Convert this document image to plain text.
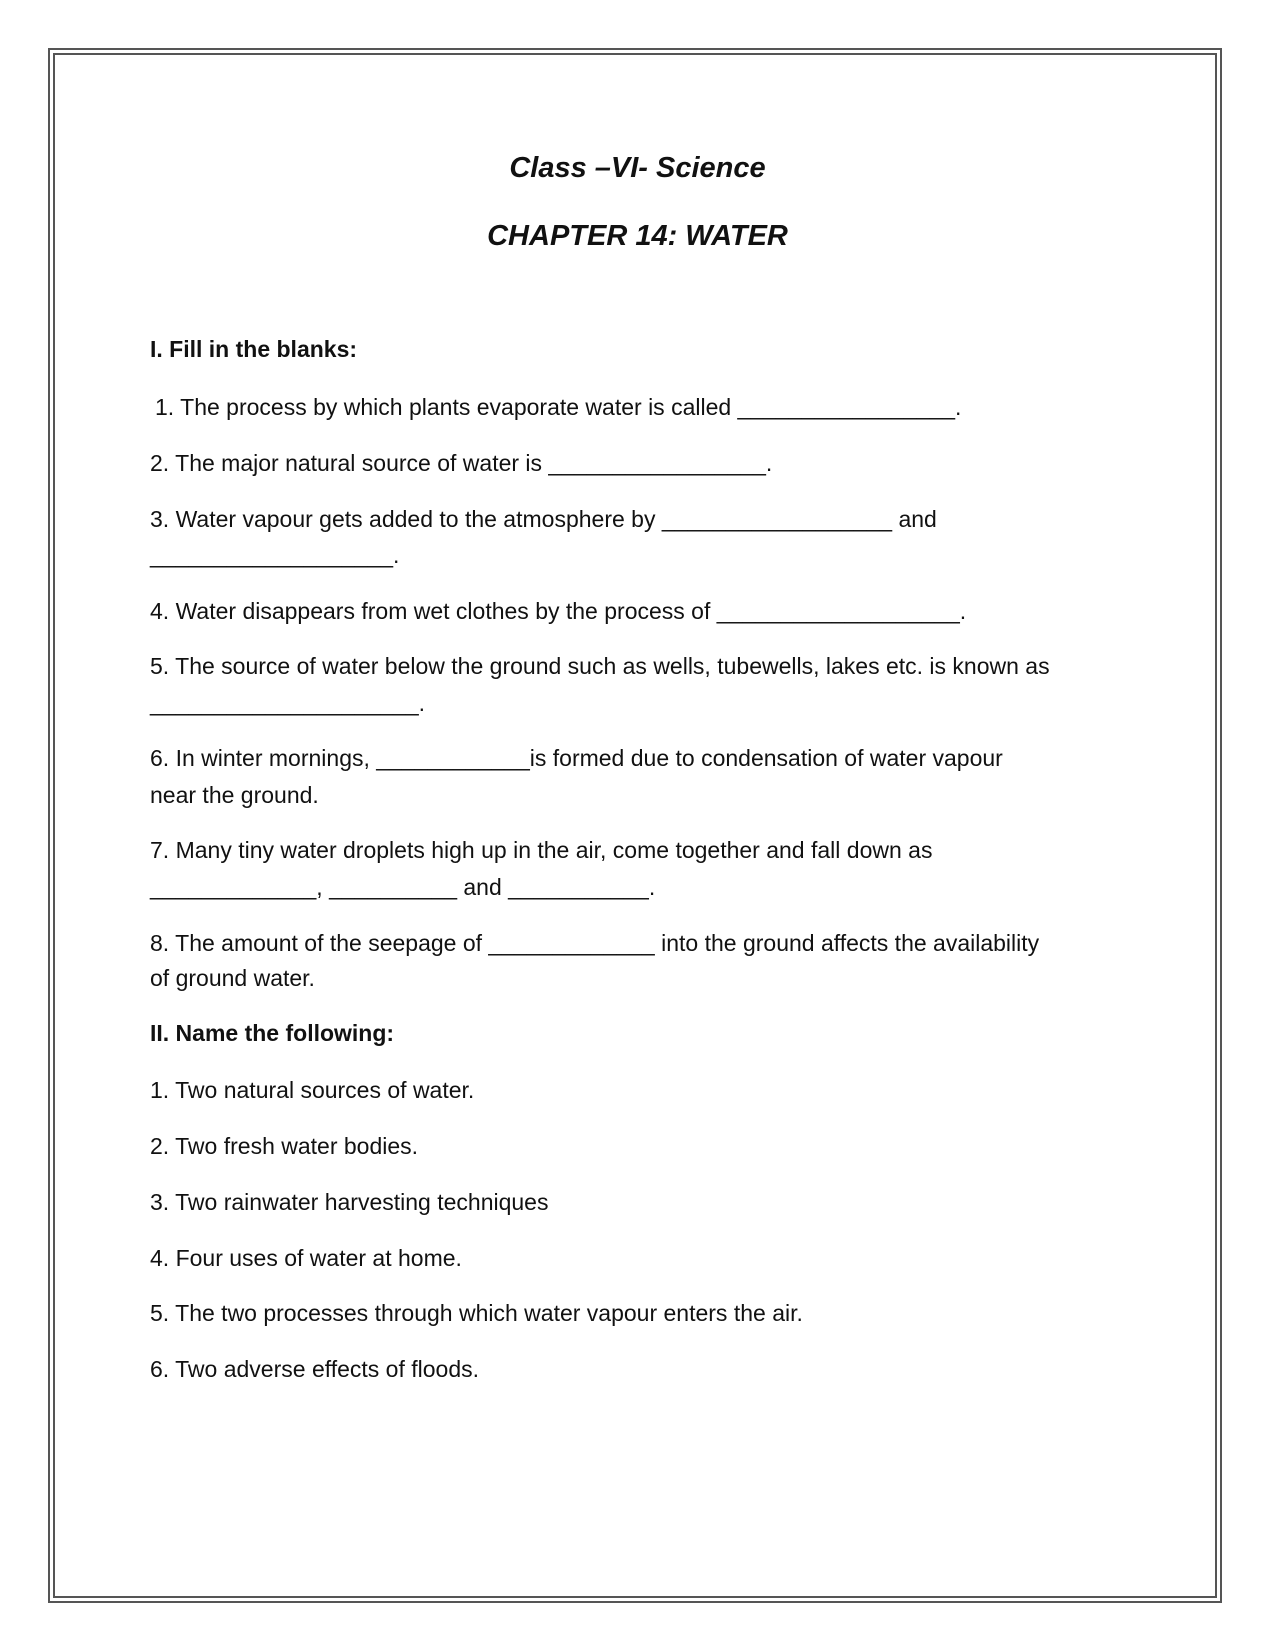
Class –VI- Science
CHAPTER 14: WATER

I. Fill in the blanks:

1. The process by which plants evaporate water is called _________________.

2. The major natural source of water is _________________.

3. Water vapour gets added to the atmosphere by __________________ and

___________________.

4. Water disappears from wet clothes by the process of ___________________.

5. The source of water below the ground such as wells, tubewells, lakes etc. is known as

_____________________.

6. In winter mornings, ____________is formed due to condensation of water vapour

near the ground.

7. Many tiny water droplets high up in the air, come together and fall down as

_____________, __________ and ___________.

8. The amount of the seepage of _____________ into the ground affects the availability

of ground water.

II. Name the following:

1. Two natural sources of water.

2. Two fresh water bodies.

3. Two rainwater harvesting techniques

4. Four uses of water at home.

5. The two processes through which water vapour enters the air.

6. Two adverse effects of floods.
